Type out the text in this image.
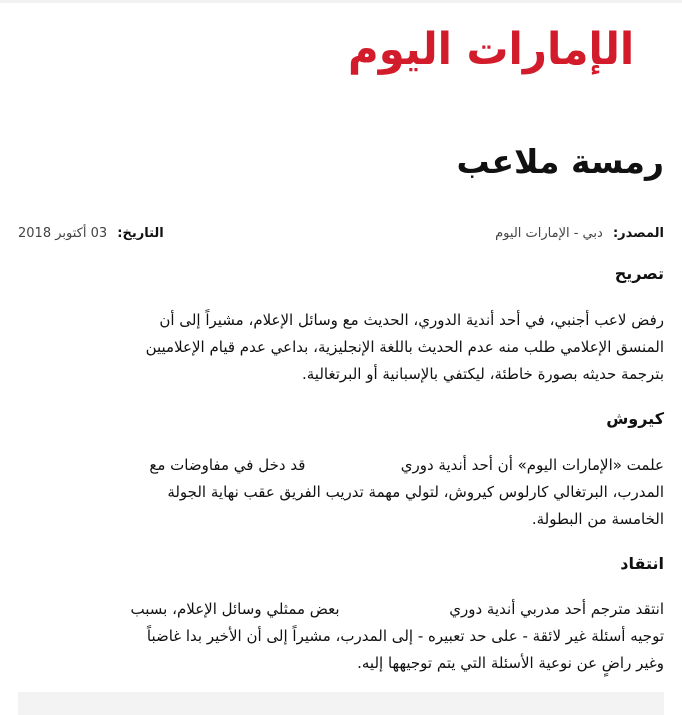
الإمارات اليوم
رمسة ملاعب
المصدر: دبي - الإمارات اليوم
التاريخ: 03 أكتوبر 2018
تصريح
رفض لاعب أجنبي، في أحد أندية الدوري، الحديث مع وسائل الإعلام، مشيراً إلى أن
المنسق الإعلامي طلب منه عدم الحديث باللغة الإنجليزية، بداعي عدم قيام الإعلاميين
بترجمة حديثه بصورة خاطئة، ليكتفي بالإسبانية أو البرتغالية.
كيروش
علمت «الإمارات اليوم» أن أحد أندية دوري                    قد دخل في مفاوضات مع
المدرب، البرتغالي كارلوس كيروش، لتولي مهمة تدريب الفريق عقب نهاية الجولة
الخامسة من البطولة.
انتقاد
انتقد مترجم أحد مدربي أندية دوري                       بعض ممثلي وسائل الإعلام، بسبب
توجيه أسئلة غير لائقة - على حد تعبيره - إلى المدرب، مشيراً إلى أن الأخير بدا غاضباً
وغير راضٍ عن نوعية الأسئلة التي يتم توجيهها إليه.
